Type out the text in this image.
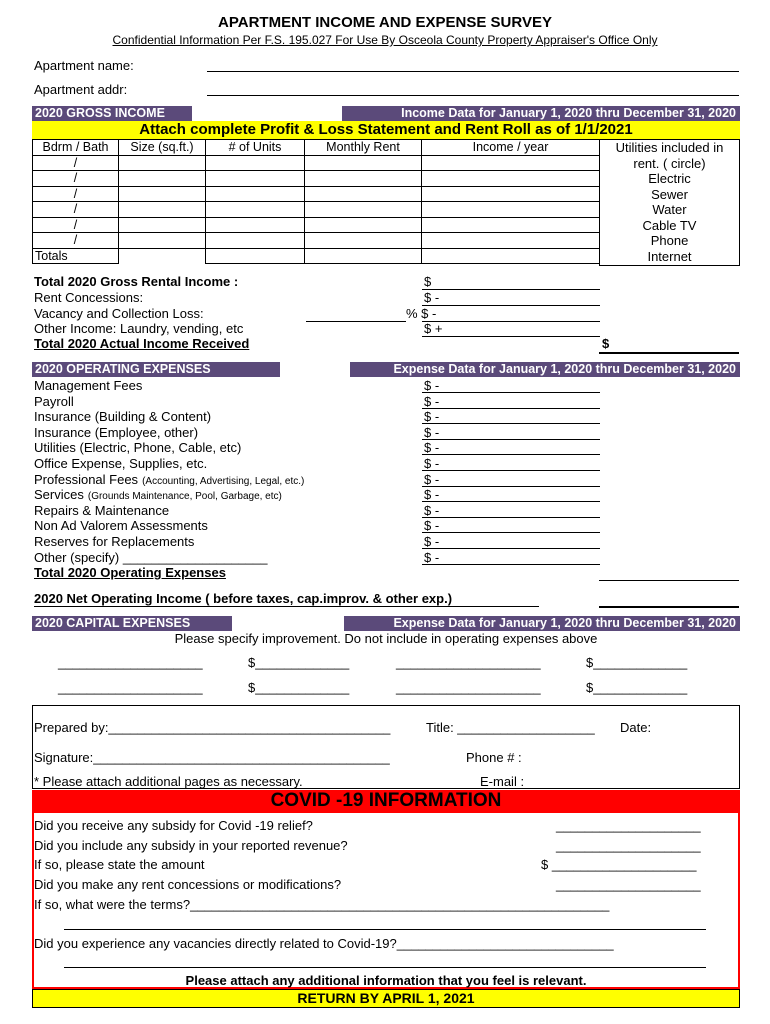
APARTMENT INCOME AND EXPENSE SURVEY
Confidential Information Per F.S. 195.027 For Use By Osceola County Property Appraiser's Office Only
Apartment name:
Apartment addr:
2020 GROSS INCOME	Income Data for January 1, 2020 thru December 31, 2020
Attach complete Profit & Loss Statement and Rent Roll as of 1/1/2021
Bdrm / Bath	Size (sq.ft.)	# of Units	Monthly Rent	Income / year
/				
/				
/				
/				
/				
/				
Totals				
Utilities included in
rent. ( circle)
Electric
Sewer
Water
Cable TV
Phone
Internet
Total 2020 Gross Rental Income :	$
Rent Concessions:	$ -
Vacancy and Collection Loss:	% $ -
Other Income: Laundry, vending, etc	$ +
Total 2020 Actual Income Received	$
2020 OPERATING EXPENSES	Expense Data for January 1, 2020 thru December 31, 2020
Management Fees	$ -
Payroll	$ -
Insurance (Building & Content)	$ -
Insurance (Employee, other)	$ -
Utilities (Electric, Phone, Cable, etc)	$ -
Office Expense, Supplies, etc.	$ -
Professional Fees (Accounting, Advertising, Legal, etc.)	$ -
Services (Grounds Maintenance, Pool, Garbage, etc)	$ -
Repairs & Maintenance	$ -
Non Ad Valorem Assessments	$ -
Reserves for Replacements	$ -
Other (specify) ____________________	$ -
Total 2020 Operating Expenses
2020 Net Operating Income ( before taxes, cap.improv. & other exp.)
2020 CAPITAL EXPENSES	Expense Data for January 1, 2020 thru December 31, 2020
Please specify improvement. Do not include in operating expenses above
____________________	$_____________	____________________	$_____________
____________________	$_____________	____________________	$_____________
Prepared by:_______________________________________	Title: ___________________ Date:
Signature:_________________________________________	Phone # :
* Please attach additional pages as necessary.	E-mail :
COVID -19 INFORMATION
Did you receive any subsidy for Covid -19 relief?	____________________
Did you include any subsidy in your reported revenue?	____________________
If so, please state the amount	$ ____________________
Did you make any rent concessions or modifications?	____________________
If so, what were the terms?__________________________________________________________
Did you experience any vacancies directly related to Covid-19?______________________________
Please attach any additional information that you feel is relevant.
RETURN BY APRIL 1, 2021
